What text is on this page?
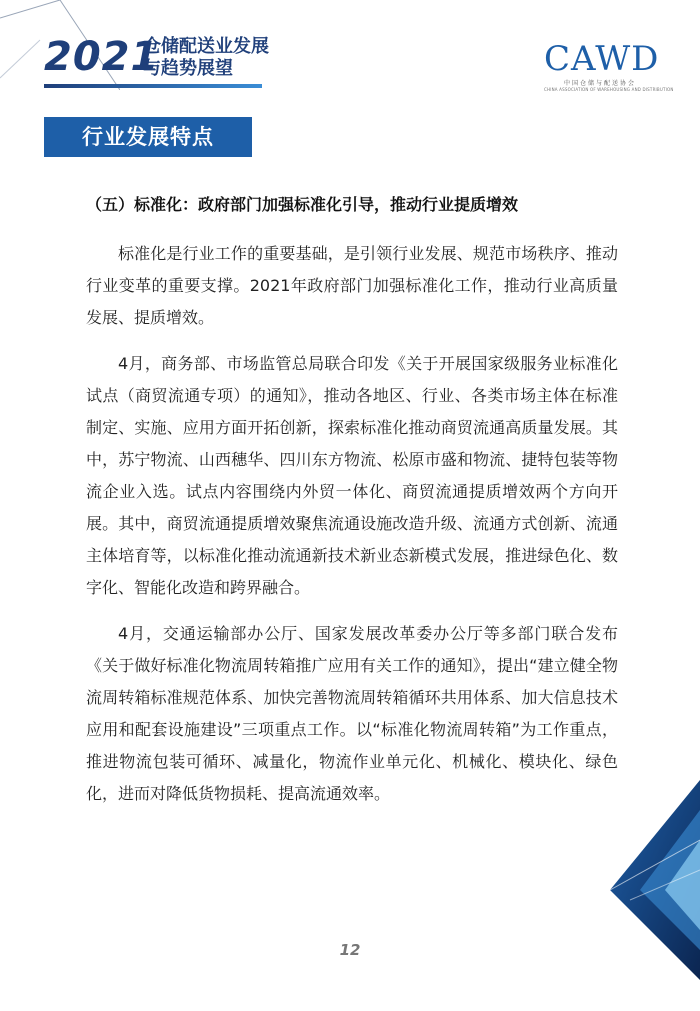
2021
仓储配送业发展与趋势展望	CAWD
中国仓储与配送协会
CHINA ASSOCIATION OF WAREHOUSING AND DISTRIBUTION
行业发展特点
（五）标准化：政府部门加强标准化引导，推动行业提质增效

标准化是行业工作的重要基础，是引领行业发展、规范市场秩序、推动行业变革的重要支撑。2021年政府部门加强标准化工作，推动行业高质量发展、提质增效。

4月，商务部、市场监管总局联合印发《关于开展国家级服务业标准化试点（商贸流通专项）的通知》，推动各地区、行业、各类市场主体在标准制定、实施、应用方面开拓创新，探索标准化推动商贸流通高质量发展。其中，苏宁物流、山西穗华、四川东方物流、松原市盛和物流、捷特包装等物流企业入选。试点内容围绕内外贸一体化、商贸流通提质增效两个方向开展。其中，商贸流通提质增效聚焦流通设施改造升级、流通方式创新、流通主体培育等，以标准化推动流通新技术新业态新模式发展，推进绿色化、数字化、智能化改造和跨界融合。

4月，交通运输部办公厅、国家发展改革委办公厅等多部门联合发布《关于做好标准化物流周转箱推广应用有关工作的通知》，提出“建立健全物流周转箱标准规范体系、加快完善物流周转箱循环共用体系、加大信息技术应用和配套设施建设”三项重点工作。以“标准化物流周转箱”为工作重点，推进物流包装可循环、减量化，物流作业单元化、机械化、模块化、绿色化，进而对降低货物损耗、提高流通效率。

12
